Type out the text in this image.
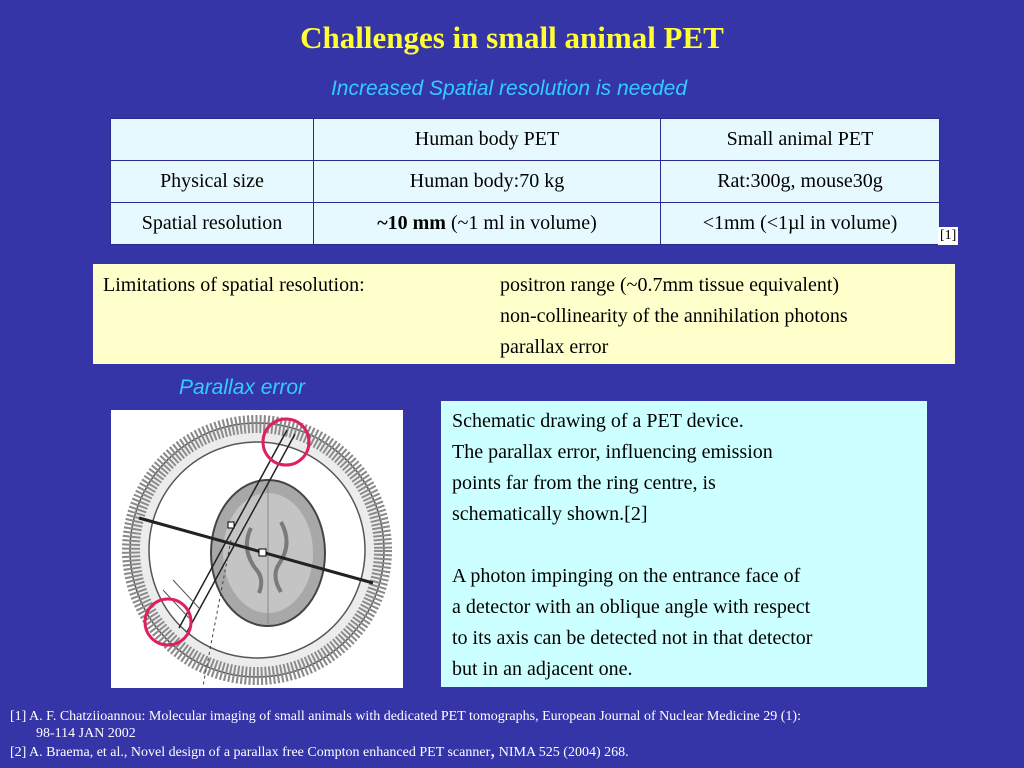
Challenges in small animal PET
Increased Spatial resolution is needed
	Human body PET	Small animal PET
Physical size	Human body:70 kg	Rat:300g, mouse30g
Spatial resolution	~10 mm (~1 ml in volume)	<1mm (<1µl in volume)
[1]
Limitations of spatial resolution:	positron range (~0.7mm tissue equivalent)
non-collinearity of the annihilation photons
parallax error
Parallax error
Schematic drawing of a PET device.
The parallax error, influencing emission
points far from the ring centre, is
schematically shown.[2]
A photon impinging on the entrance face of
a detector with an oblique angle with respect
to its axis can be detected not in that detector
but in an adjacent one.
[1] A. F. Chatziioannou: Molecular imaging of small animals with dedicated PET tomographs, European Journal of Nuclear Medicine 29 (1):
98-114 JAN 2002
[2] A. Braema, et al., Novel design of a parallax free Compton enhanced PET scanner, NIMA 525 (2004) 268.
